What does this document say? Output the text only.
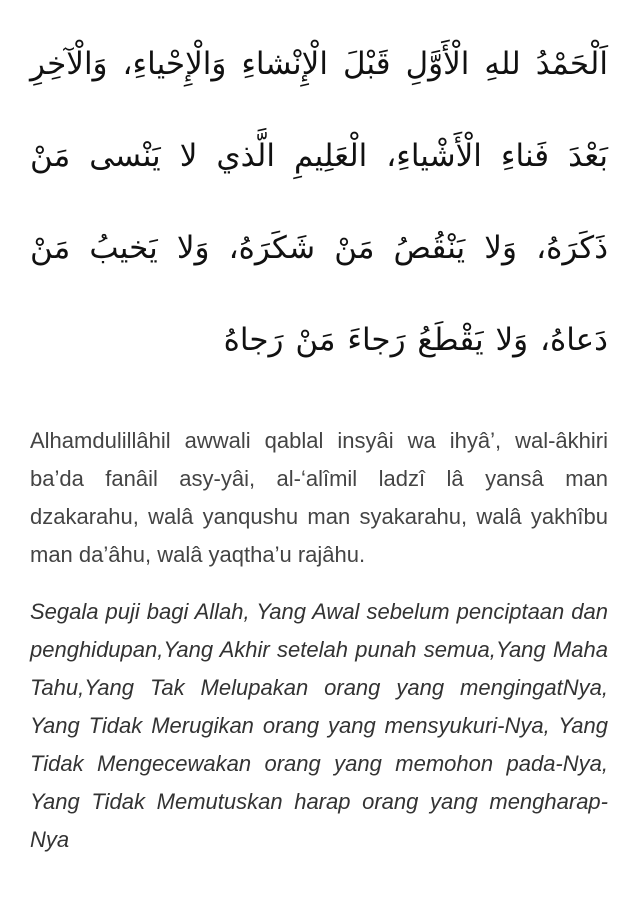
اَلْحَمْدُ للهِ الْأَوَّلِ قَبْلَ الْإِنْشاءِ وَالْإِحْياءِ، وَالْآخِرِ بَعْدَ فَناءِ الْأَشْياءِ، الْعَلِيمِ الَّذي لا يَنْسى مَنْ ذَكَرَهُ، وَلا يَنْقُصُ مَنْ شَكَرَهُ، وَلا يَخيبُ مَنْ دَعاهُ، وَلا يَقْطَعُ رَجاءَ مَنْ رَجاهُ

Alhamdulillâhil awwali qablal insyâi wa ihyâ’, wal-âkhiri ba’da fanâil asy-yâi, al-‘alîmil ladzî lâ yansâ man dzakarahu, walâ yanqushu man syakarahu, walâ yakhîbu man da’âhu, walâ yaqtha’u rajâhu.

Segala puji bagi Allah, Yang Awal sebelum penciptaan dan penghidupan,Yang Akhir setelah punah semua,Yang Maha Tahu,Yang Tak Melupakan orang yang mengingatNya, Yang Tidak Merugikan orang yang mensyukuri-Nya, Yang Tidak Mengecewakan orang yang memohon pada-Nya, Yang Tidak Memutuskan harap orang yang mengharap-Nya
